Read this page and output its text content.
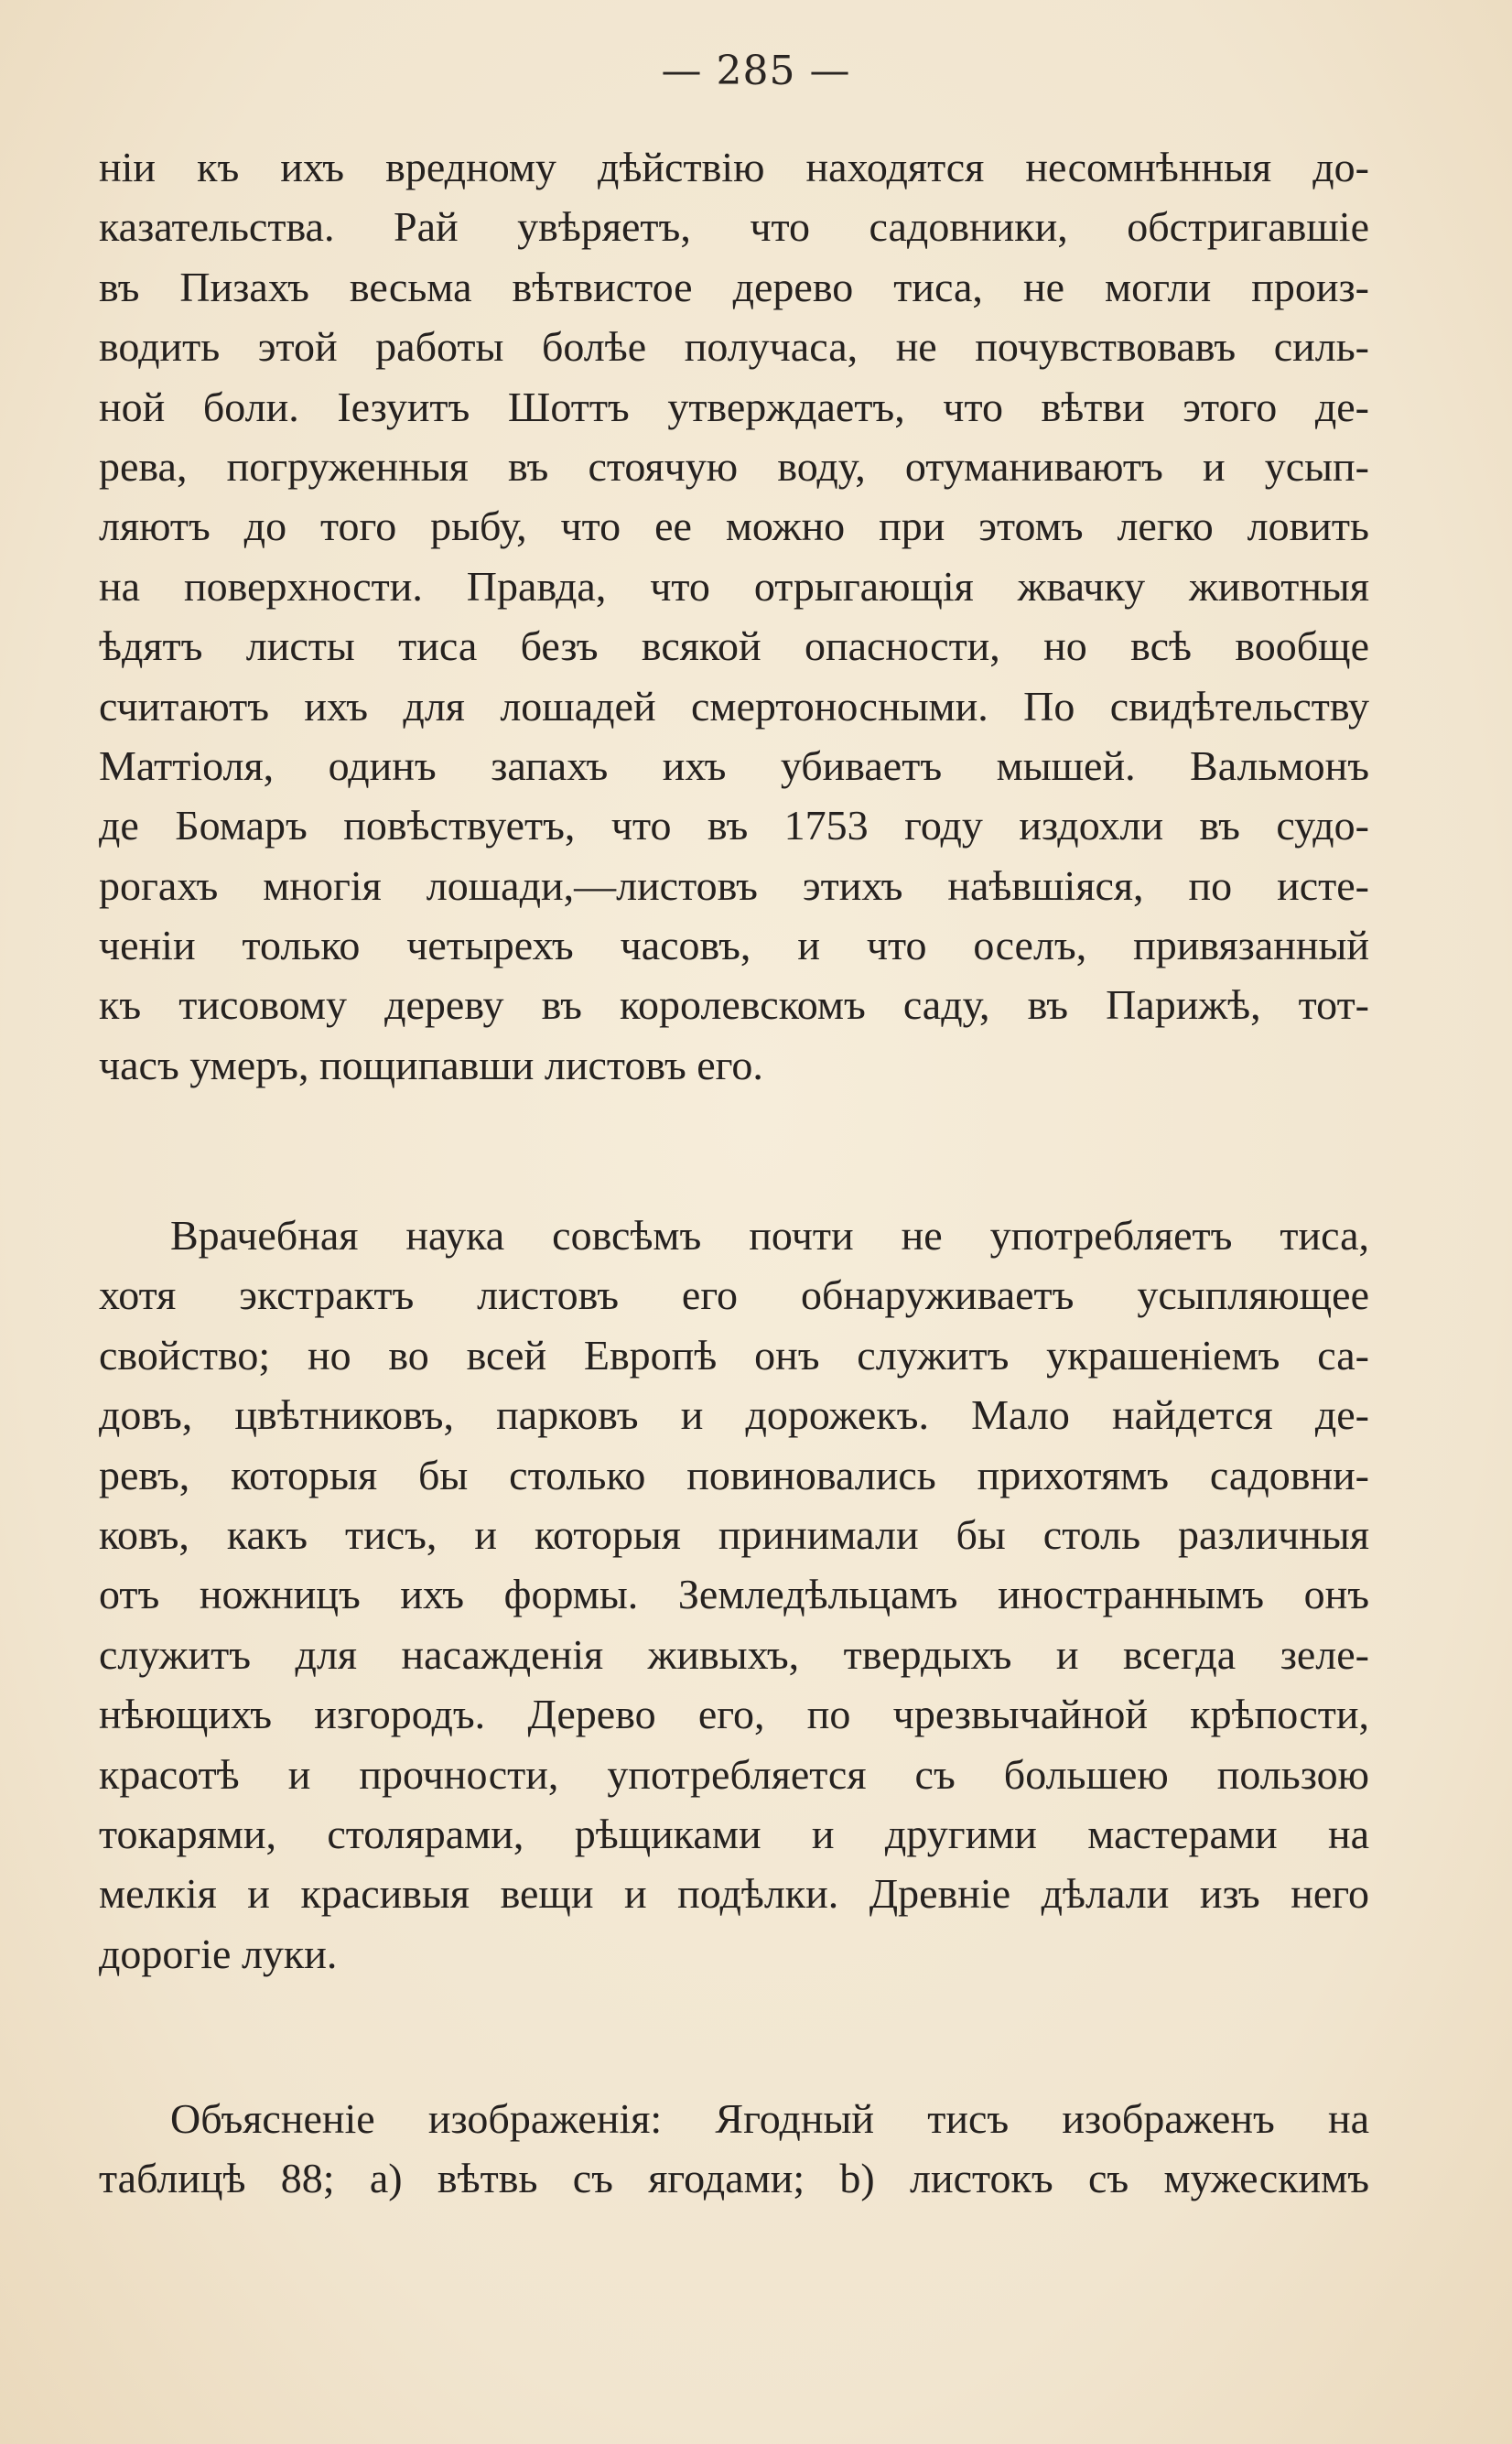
— 285 —
нiи къ ихъ вредному дѣйствiю находятся несомнѣнныя до-
казательства. Рай увѣряетъ, что садовники, обстригавшiе
въ Пизахъ весьма вѣтвистое дерево тиса, не могли произ-
водить этой работы болѣе получаса, не почувствовавъ силь-
ной боли. Iезуитъ Шоттъ утверждаетъ, что вѣтви этого де-
рева, погруженныя въ стоячую воду, отуманиваютъ и усып-
ляютъ до того рыбу, что ее можно при этомъ легко ловить
на поверхности. Правда, что отрыгающiя жвачку животныя
ѣдятъ листы тиса безъ всякой опасности, но всѣ вообще
считаютъ ихъ для лошадей смертоносными. По свидѣтельству
Маттiоля, одинъ запахъ ихъ убиваетъ мышей. Вальмонъ
де Бомаръ повѣствуетъ, что въ 1753 году издохли въ судо-
рогахъ многiя лошади,—листовъ этихъ наѣвшiяся, по исте-
ченiи только четырехъ часовъ, и что оселъ, привязанный
къ тисовому дереву въ королевскомъ саду, въ Парижѣ, тот-
часъ умеръ, пощипавши листовъ его.
Врачебная наука совсѣмъ почти не употребляетъ тиса,
хотя экстрактъ листовъ его обнаруживаетъ усыпляющее
свойство; но во всей Европѣ онъ служитъ украшенiемъ са-
довъ, цвѣтниковъ, парковъ и дорожекъ. Мало найдется де-
ревъ, которыя бы столько повиновались прихотямъ садовни-
ковъ, какъ тисъ, и которыя принимали бы столь различныя
отъ ножницъ ихъ формы. Земледѣльцамъ иностраннымъ онъ
служитъ для насажденiя живыхъ, твердыхъ и всегда зеле-
нѣющихъ изгородъ. Дерево его, по чрезвычайной крѣпости,
красотѣ и прочности, употребляется съ большею пользою
токарями, столярами, рѣщиками и другими мастерами на
мелкiя и красивыя вещи и подѣлки. Древнiе дѣлали изъ него
дорогiе луки.
Объясненiе изображенiя: Ягодный тисъ изображенъ на
таблицѣ 88; а) вѣтвь съ ягодами; b) листокъ съ мужескимъ
